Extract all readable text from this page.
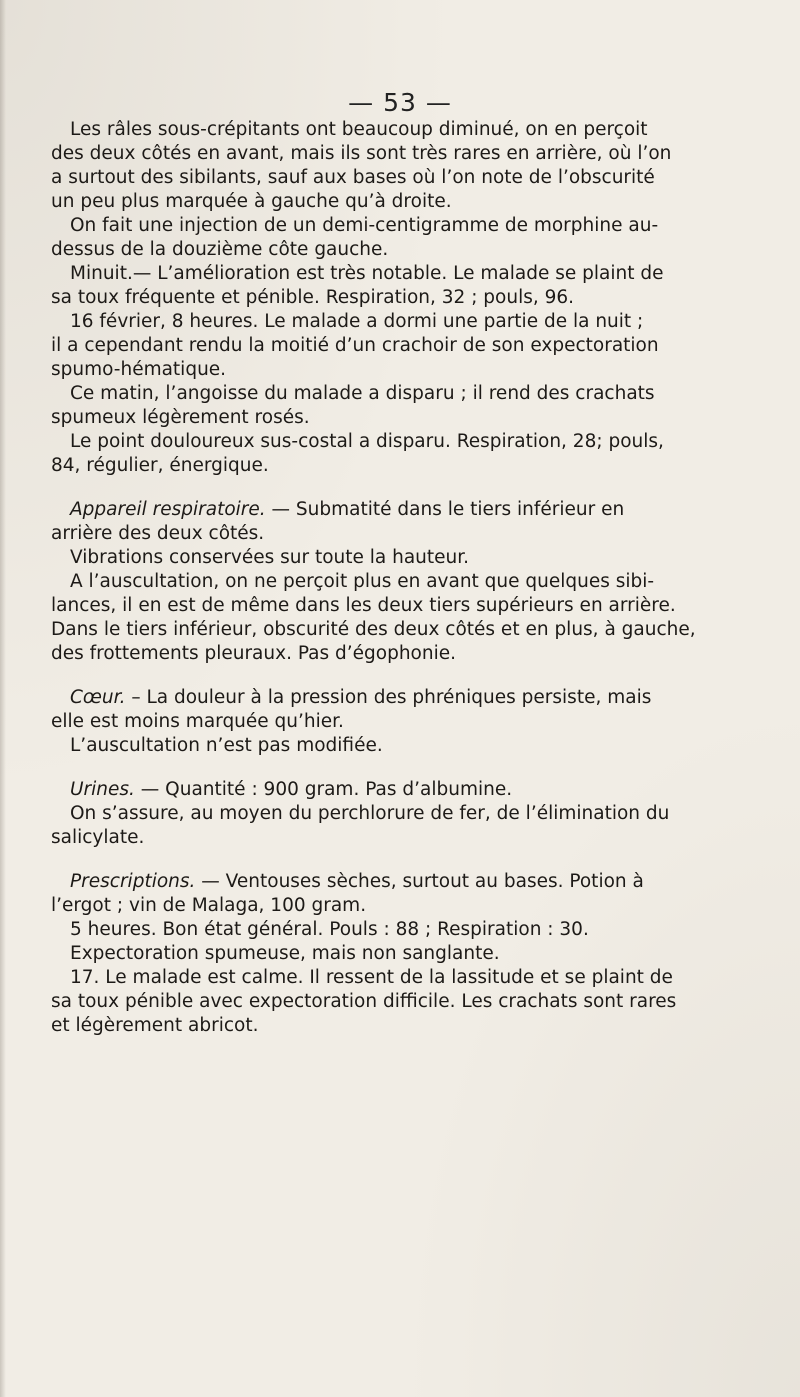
— 53 —
Les râles sous-crépitants ont beaucoup diminué, on en perçoit
des deux côtés en avant, mais ils sont très rares en arrière, où l’on
a surtout des sibilants, sauf aux bases où l’on note de l’obscurité
un peu plus marquée à gauche qu’à droite.
On fait une injection de un demi-centigramme de morphine au-
dessus de la douzième côte gauche.
Minuit.— L’amélioration est très notable. Le malade se plaint de
sa toux fréquente et pénible. Respiration, 32 ; pouls, 96.
16 février, 8 heures. Le malade a dormi une partie de la nuit ;
il a cependant rendu la moitié d’un crachoir de son expectoration
spumo-hématique.
Ce matin, l’angoisse du malade a disparu ; il rend des crachats
spumeux légèrement rosés.
Le point douloureux sus-costal a disparu. Respiration, 28; pouls,
84, régulier, énergique.
Appareil respiratoire. — Submatité dans le tiers inférieur en
arrière des deux côtés.
Vibrations conservées sur toute la hauteur.
A l’auscultation, on ne perçoit plus en avant que quelques sibi-
lances, il en est de même dans les deux tiers supérieurs en arrière.
Dans le tiers inférieur, obscurité des deux côtés et en plus, à gauche,
des frottements pleuraux. Pas d’égophonie.
Cœur. – La douleur à la pression des phréniques persiste, mais
elle est moins marquée qu’hier.
L’auscultation n’est pas modifiée.
Urines. — Quantité : 900 gram. Pas d’albumine.
On s’assure, au moyen du perchlorure de fer, de l’élimination du
salicylate.
Prescriptions. — Ventouses sèches, surtout au bases. Potion à
l’ergot ; vin de Malaga, 100 gram.
5 heures. Bon état général. Pouls : 88 ; Respiration : 30.
Expectoration spumeuse, mais non sanglante.
17. Le malade est calme. Il ressent de la lassitude et se plaint de
sa toux pénible avec expectoration difficile. Les crachats sont rares
et légèrement abricot.
